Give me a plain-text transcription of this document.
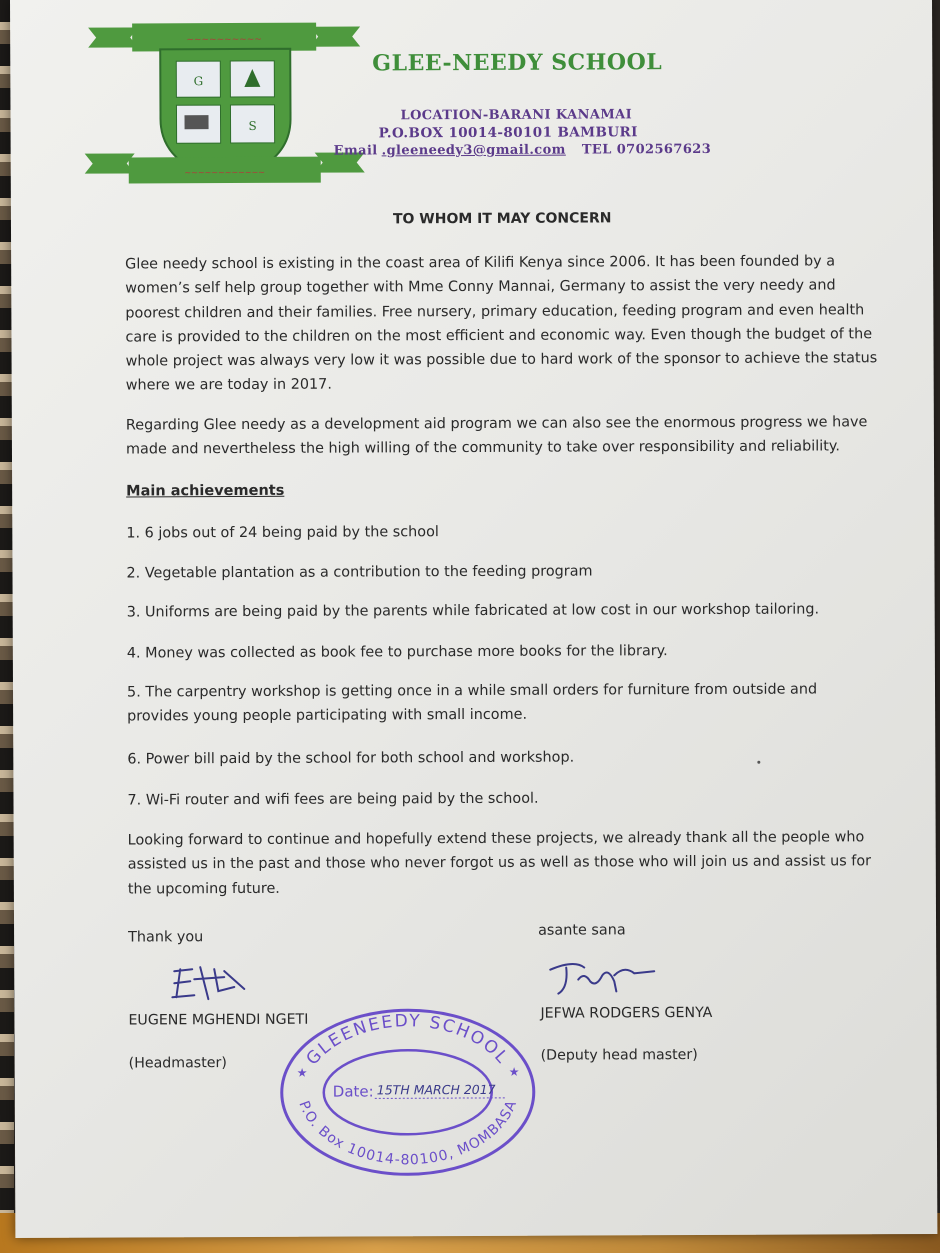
~~~~~~~~~~
G
S
~~~~~~~~~~~~
GLEE-NEEDY SCHOOL
LOCATION-BARANI KANAMAI
P.O.BOX 10014-80101 BAMBURI
Email .gleeneedy3@gmail.com TEL 0702567623
TO WHOM IT MAY CONCERN
Glee needy school is existing in the coast area of Kilifi Kenya since 2006. It has been founded by a women’s self help group together with Mme Conny Mannai, Germany to assist the very needy and poorest children and their families. Free nursery, primary education, feeding program and even health care is provided to the children on the most efficient and economic way. Even though the budget of the whole project was always very low it was possible due to hard work of the sponsor to achieve the status where we are today in 2017.
Regarding Glee needy as a development aid program we can also see the enormous progress we have made and nevertheless the high willing of the community to take over responsibility and reliability.
Main achievements
1. 6 jobs out of 24 being paid by the school
2. Vegetable plantation as a contribution to the feeding program
3. Uniforms are being paid by the parents while fabricated at low cost in our workshop tailoring.
4. Money was collected as book fee to purchase more books for the library.
5. The carpentry workshop is getting once in a while small orders for furniture from outside and provides young people participating with small income.
6. Power bill paid by the school for both school and workshop.
7. Wi-Fi router and wifi fees are being paid by the school.
Looking forward to continue and hopefully extend these projects, we already thank all the people who assisted us in the past and those who never forgot us as well as those who will join us and assist us for the upcoming future.
Thank you	asante sana
EUGENE MGHENDI NGETI
(Headmaster)
JEFWA RODGERS GENYA
(Deputy head master)
GLEENEEDY SCHOOL
P.O. Box 10014-80100, MOMBASA
★	★
Date: 15TH MARCH 2017
